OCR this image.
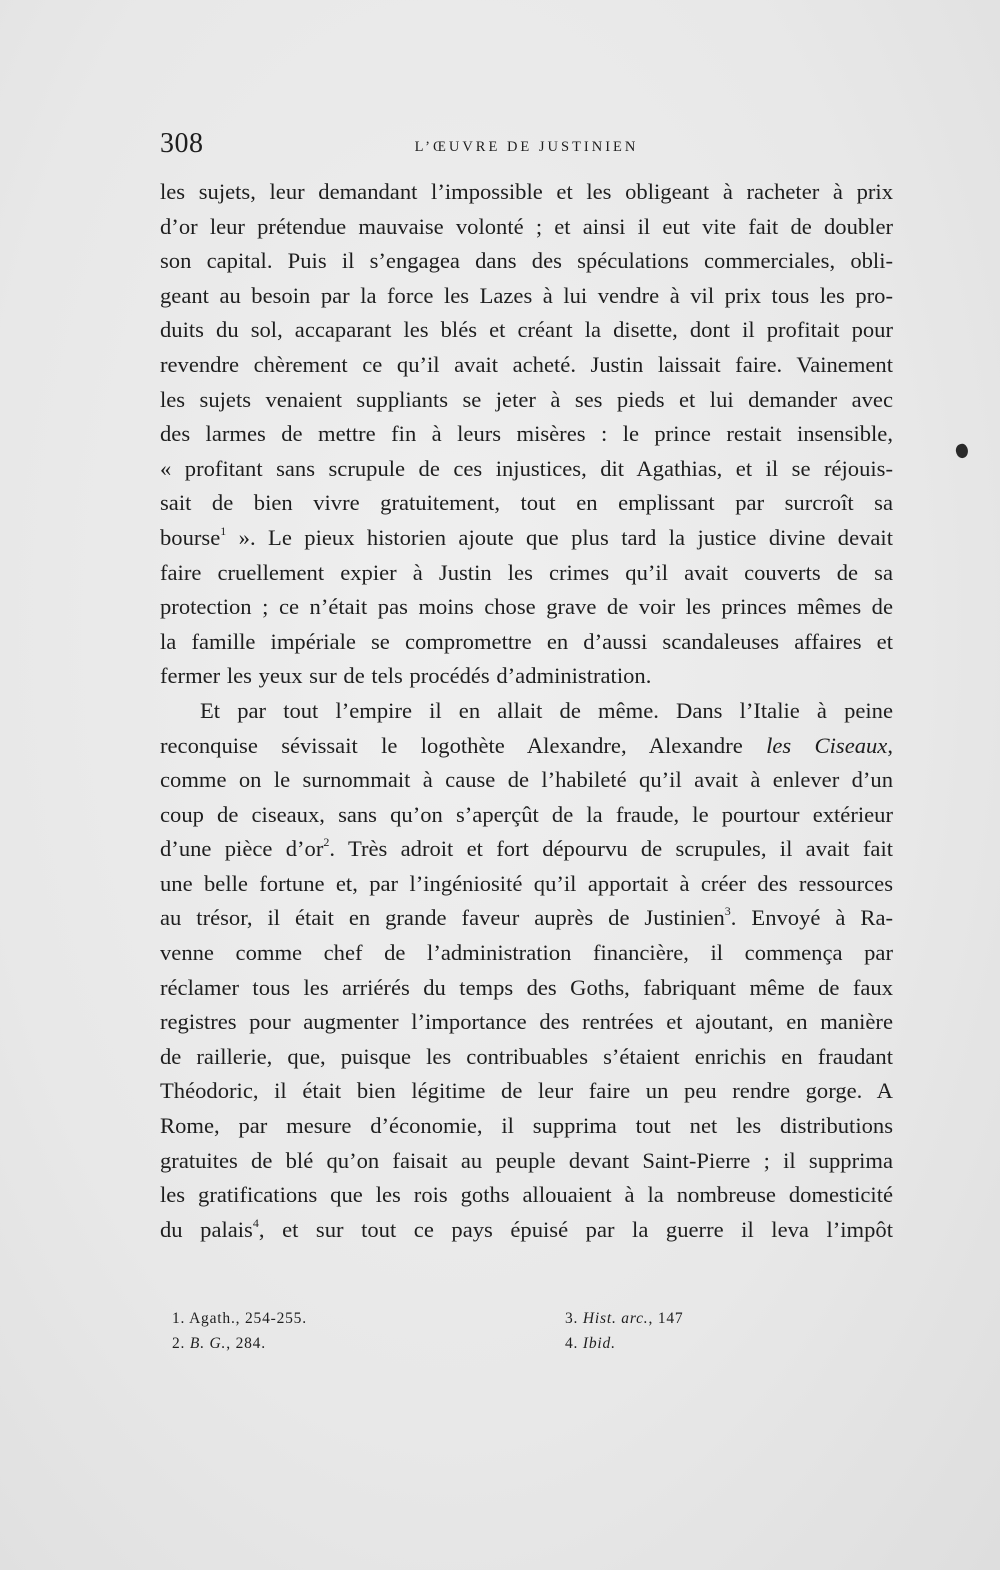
308	L’ŒUVRE DE JUSTINIEN
les sujets, leur demandant l’impossible et les obligeant à racheter à prix
d’or leur prétendue mauvaise volonté ; et ainsi il eut vite fait de doubler
son capital. Puis il s’engagea dans des spéculations commerciales, obli-
geant au besoin par la force les Lazes à lui vendre à vil prix tous les pro-
duits du sol, accaparant les blés et créant la disette, dont il profitait pour
revendre chèrement ce qu’il avait acheté. Justin laissait faire. Vainement
les sujets venaient suppliants se jeter à ses pieds et lui demander avec
des larmes de mettre fin à leurs misères : le prince restait insensible,
« profitant sans scrupule de ces injustices, dit Agathias, et il se réjouis-
sait de bien vivre gratuitement, tout en emplissant par surcroît sa
bourse$^1$ ». Le pieux historien ajoute que plus tard la justice divine devait
faire cruellement expier à Justin les crimes qu’il avait couverts de sa
protection ; ce n’était pas moins chose grave de voir les princes mêmes de
la famille impériale se compromettre en d’aussi scandaleuses affaires et
fermer les yeux sur de tels procédés d’administration.
Et par tout l’empire il en allait de même. Dans l’Italie à peine
reconquise sévissait le logothète Alexandre, Alexandre les Ciseaux,
comme on le surnommait à cause de l’habileté qu’il avait à enlever d’un
coup de ciseaux, sans qu’on s’aperçût de la fraude, le pourtour extérieur
d’une pièce $d’or^2$. Très adroit et fort dépourvu de scrupules, il avait fait
une belle fortune et, par l’ingéniosité qu’il apportait à créer des ressources
au trésor, il était en grande faveur auprès de Justinien$^3$. Envoyé à Ra-
venne comme chef de l’administration financière, il commença par
réclamer tous les arriérés du temps des Goths, fabriquant même de faux
registres pour augmenter l’importance des rentrées et ajoutant, en manière
de raillerie, que, puisque les contribuables s’étaient enrichis en fraudant
Théodoric, il était bien légitime de leur faire un peu rendre gorge. A
Rome, par mesure d’économie, il supprima tout net les distributions
gratuites de blé qu’on faisait au peuple devant Saint-Pierre ; il supprima
les gratifications que les rois goths allouaient à la nombreuse domesticité
du palais$^4$, et sur tout ce pays épuisé par la guerre il leva l’impôt
1. Agath., 254-255.
2. B. G., 284.
3. Hist. arc., 147
4. Ibid.
